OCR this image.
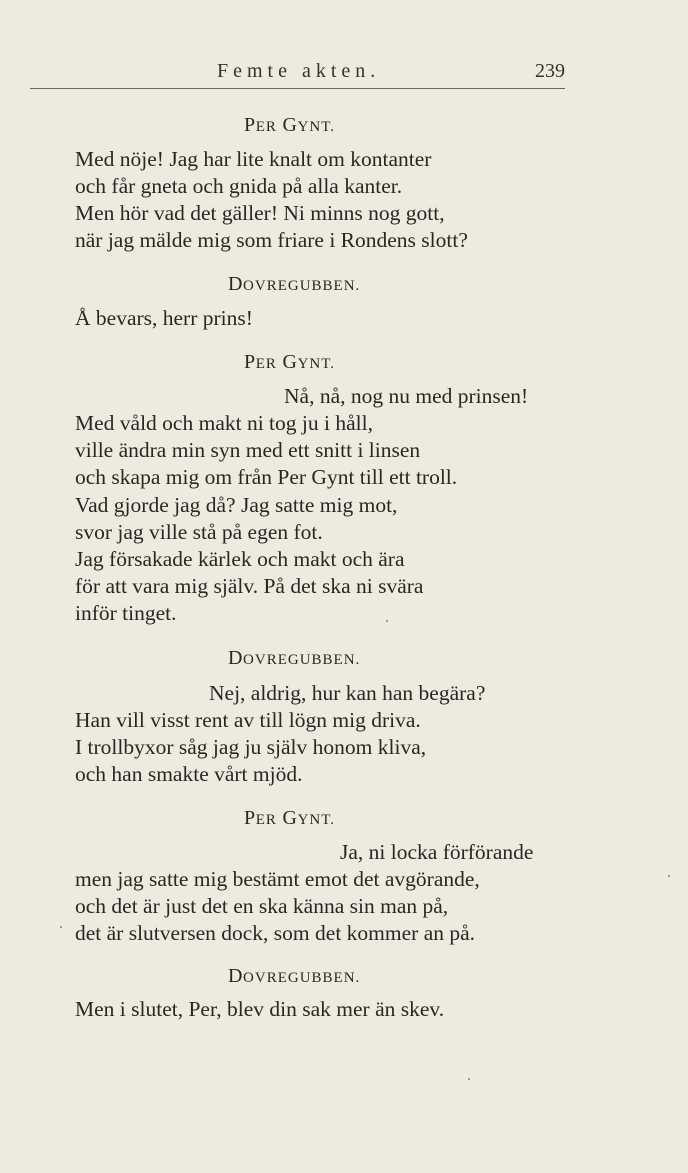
Femte akten.	239
PER GYNT.
Med nöje! Jag har lite knalt om kontanter
och får gneta och gnida på alla kanter.
Men hör vad det gäller! Ni minns nog gott,
när jag mälde mig som friare i Rondens slott?
DOVREGUBBEN.
Å bevars, herr prins!
PER GYNT.
Nå, nå, nog nu med prinsen!
Med våld och makt ni tog ju i håll,
ville ändra min syn med ett snitt i linsen
och skapa mig om från Per Gynt till ett troll.
Vad gjorde jag då? Jag satte mig mot,
svor jag ville stå på egen fot.
Jag försakade kärlek och makt och ära
för att vara mig själv. På det ska ni svära
inför tinget.
DOVREGUBBEN.
Nej, aldrig, hur kan han begära?
Han vill visst rent av till lögn mig driva.
I trollbyxor såg jag ju själv honom kliva,
och han smakte vårt mjöd.
PER GYNT.
Ja, ni locka förförande
men jag satte mig bestämt emot det avgörande,
och det är just det en ska känna sin man på,
det är slutversen dock, som det kommer an på.
DOVREGUBBEN.
Men i slutet, Per, blev din sak mer än skev.
